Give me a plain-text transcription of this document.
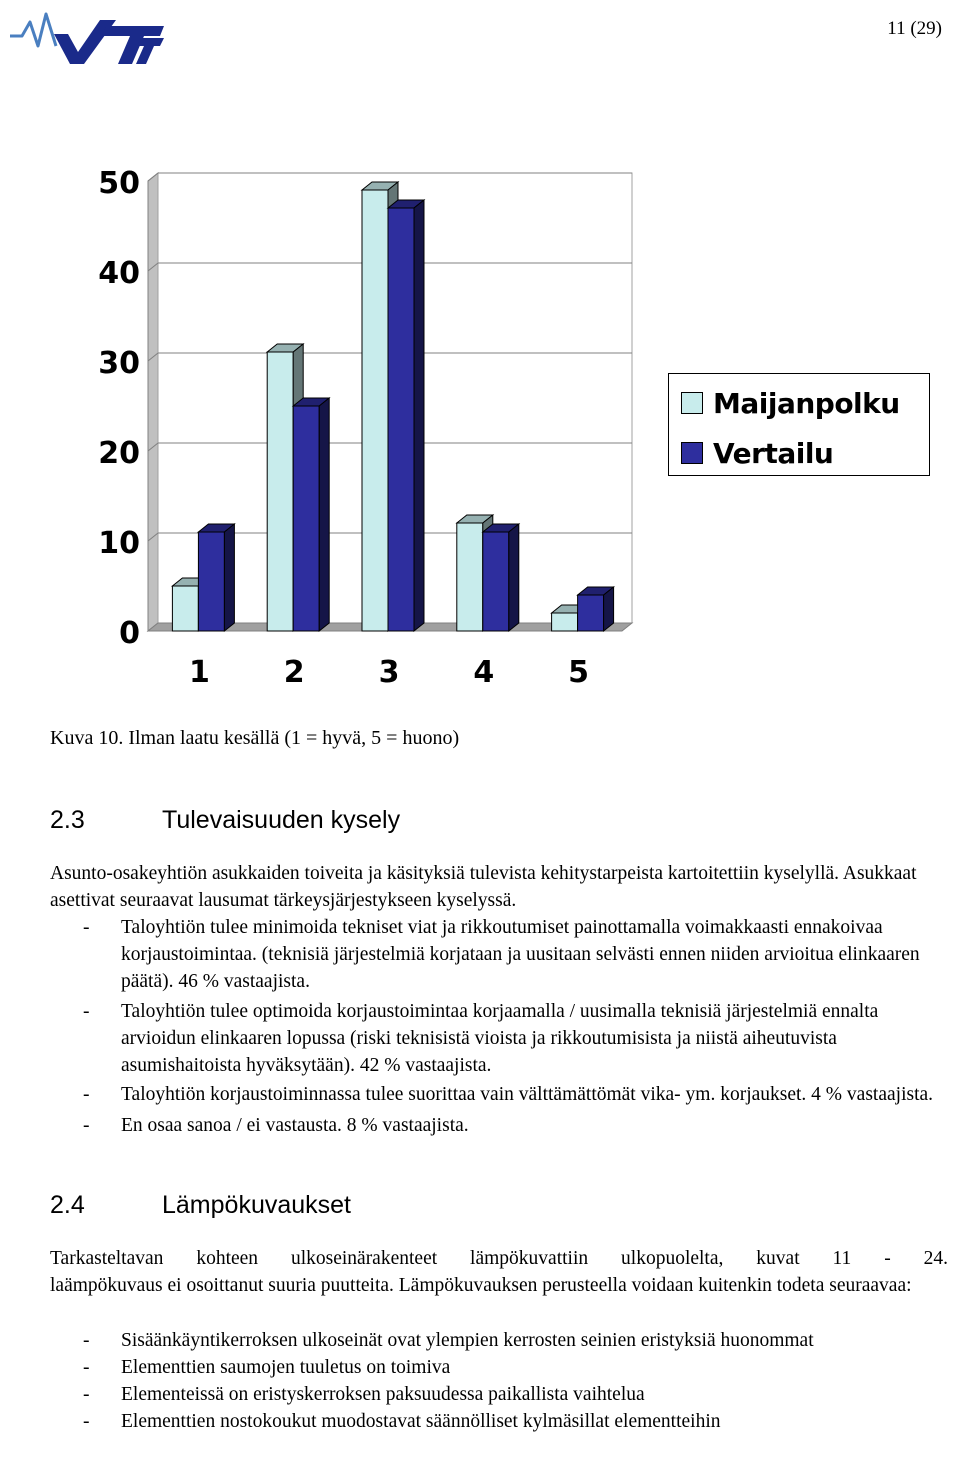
11 (29)
0
10
20
30
40
50
1 2 3 4 5
Maijanpolku
Vertailu
Kuva 10. Ilman laatu kesällä (1 = hyvä, 5 = huono)
2.3	Tulevaisuuden kysely
Asunto-osakeyhtiön asukkaiden toiveita ja käsityksiä tulevista kehitystarpeista kartoitettiin kyselyllä. Asukkaat asettivat seuraavat lausumat tärkeysjärjestykseen kyselyssä.
- Taloyhtiön tulee minimoida tekniset viat ja rikkoutumiset painottamalla voimakkaasti ennakoivaa korjaustoimintaa. (teknisiä järjestelmiä korjataan ja uusitaan selvästi ennen niiden arvioitua elinkaaren päätä). 46 % vastaajista.
- Taloyhtiön tulee optimoida korjaustoimintaa korjaamalla / uusimalla teknisiä järjestelmiä ennalta arvioidun elinkaaren lopussa (riski teknisistä vioista ja rikkoutumisista ja niistä aiheutuvista asumishaitoista hyväksytään). 42 % vastaajista.
- Taloyhtiön korjaustoiminnassa tulee suorittaa vain välttämättömät vika- ym. korjaukset. 4 % vastaajista.
- En osaa sanoa / ei vastausta. 8 % vastaajista.
2.4	Lämpökuvaukset
Tarkasteltavan kohteen ulkoseinärakenteet lämpökuvattiin ulkopuolelta, kuvat 11 - 24.
laämpökuvaus ei osoittanut suuria puutteita. Lämpökuvauksen perusteella voidaan kuitenkin todeta seuraavaa:
- Sisäänkäyntikerroksen ulkoseinät ovat ylempien kerrosten seinien eristyksiä huonommat
- Elementtien saumojen tuuletus on toimiva
- Elementeissä on eristyskerroksen paksuudessa paikallista vaihtelua
- Elementtien nostokoukut muodostavat säännölliset kylmäsillat elementteihin
